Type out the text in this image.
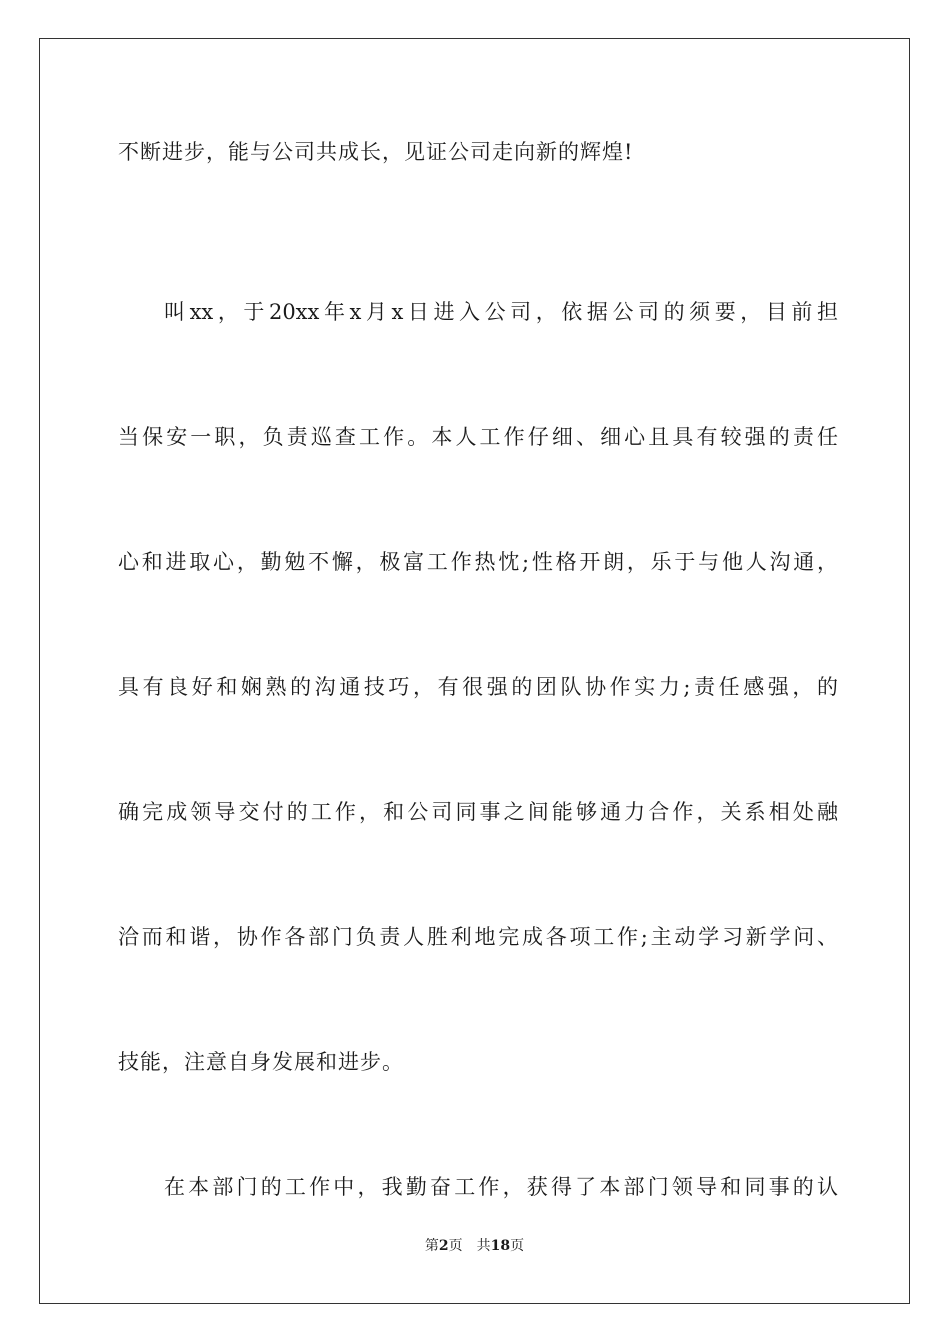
不断进步，能与公司共成长，见证公司走向新的辉煌!
叫xx，于20xx年x月x日进入公司，依据公司的须要，目前担
当保安一职，负责巡查工作。本人工作仔细、细心且具有较强的责任
心和进取心，勤勉不懈，极富工作热忱;性格开朗，乐于与他人沟通，
具有良好和娴熟的沟通技巧，有很强的团队协作实力;责任感强，的
确完成领导交付的工作，和公司同事之间能够通力合作，关系相处融
洽而和谐，协作各部门负责人胜利地完成各项工作;主动学习新学问、
技能，注意自身发展和进步。
在本部门的工作中，我勤奋工作，获得了本部门领导和同事的认
第2页 共18页
